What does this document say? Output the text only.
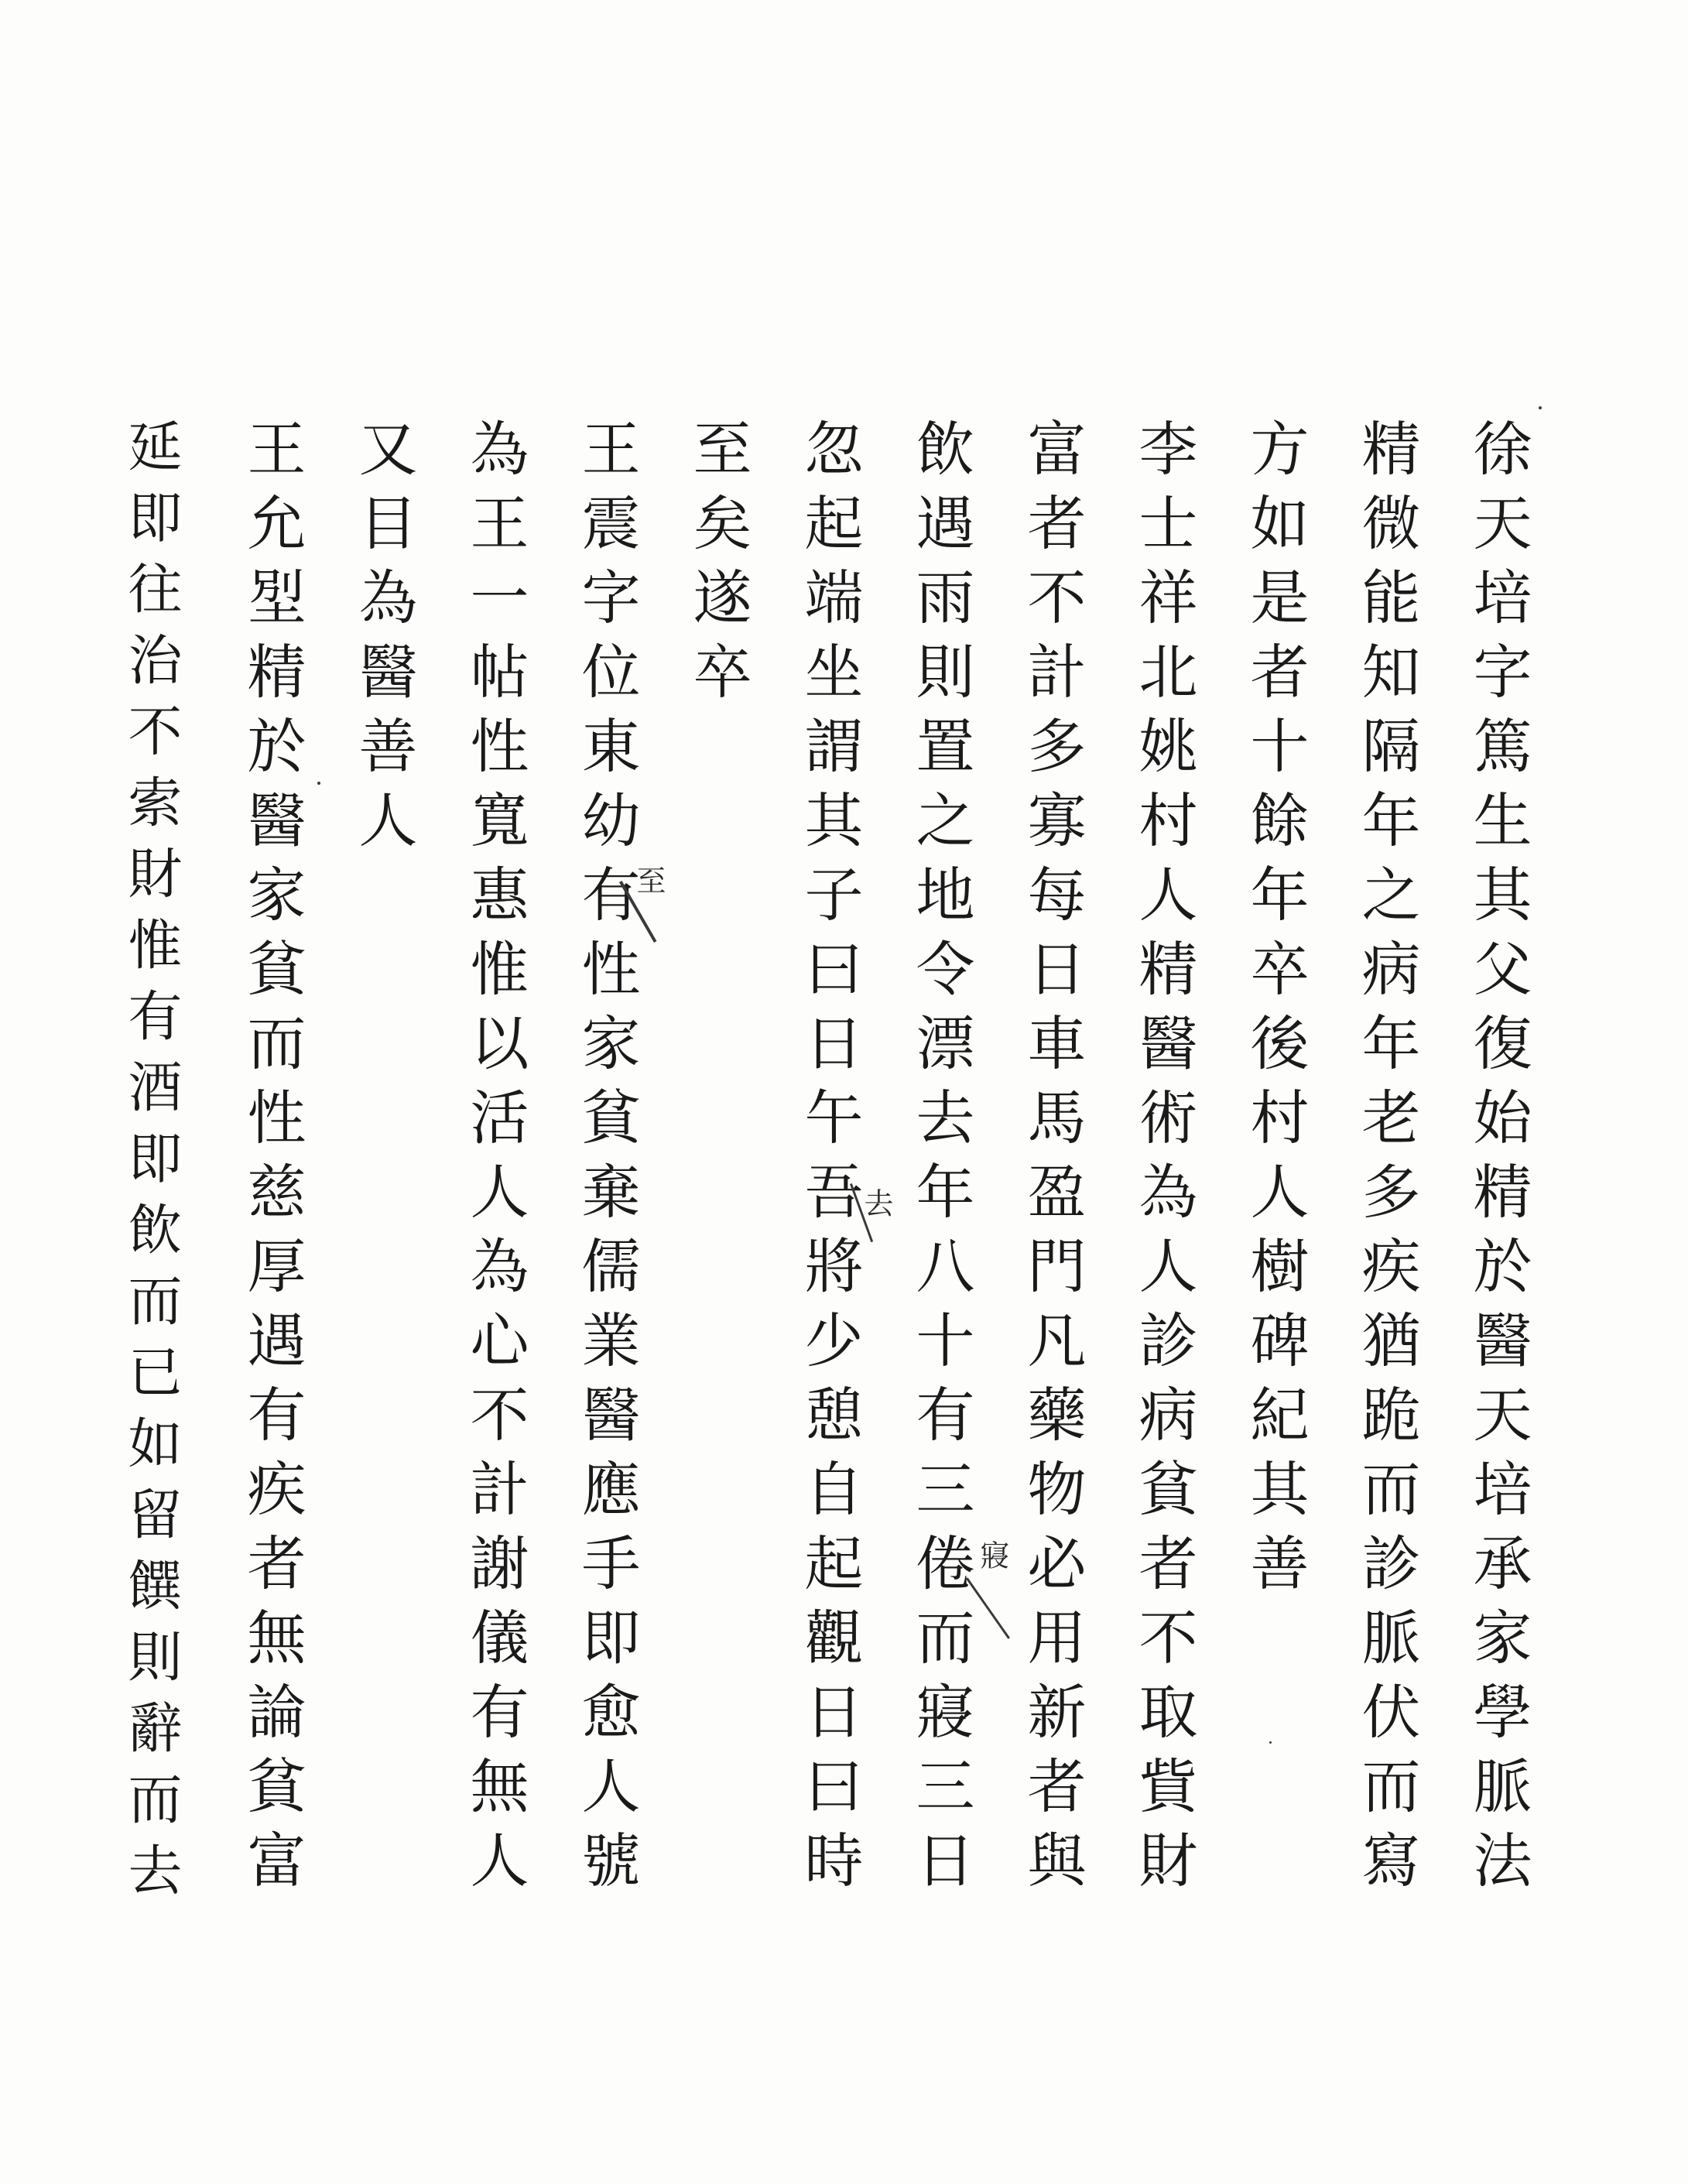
徐天培字篤生其父復始精於醫天培承家學脈法

精微能知隔年之病年老多疾猶跪而診脈伏而寫

方如是者十餘年卒後村人樹碑紀其善

李士祥北姚村人精醫術為人診病貧者不取貲財

富者不計多寡每日車馬盈門凡藥物必用新者與

飲遇雨則置之地令漂去年八十有三倦而寢三日

忽起端坐謂其子曰日午吾將少憩自起觀日曰時

至矣遂卒

王震字位東幼有性家貧棄儒業醫應手即愈人號

為王一帖性寬惠惟以活人為心不計謝儀有無人

又目為醫善人

王允𡋾精於醫家貧而性慈厚遇有疾者無論貧富

延即往治不索財惟有酒即飲而已如留饌則辭而去	至
去
寢
